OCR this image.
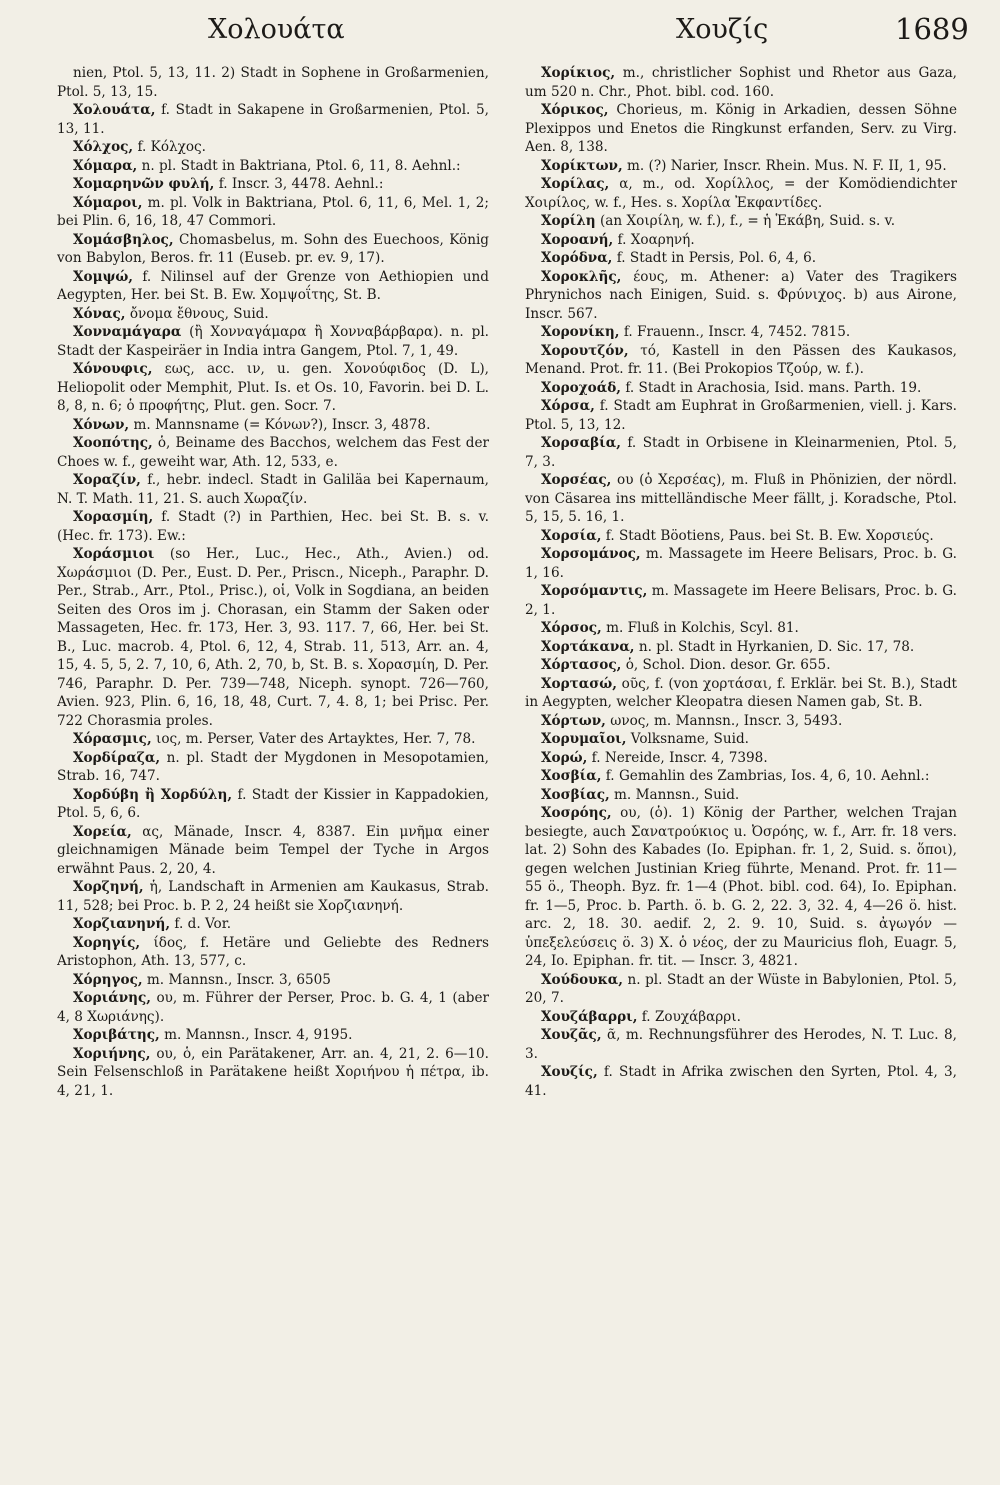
Χολουάτα	Χουζίς	1689

nien, Ptol. 5, 13, 11. 2) Stadt in Sophene in Großarmenien, Ptol. 5, 13, 15.

Χολουάτα, f. Stadt in Sakapene in Großarmenien, Ptol. 5, 13, 11.

Χόλχος, f. Κόλχος.

Χόμαρα, n. pl. Stadt in Baktriana, Ptol. 6, 11, 8. Aehnl.:

Χομαρηνῶν φυλή, f. Inscr. 3, 4478. Aehnl.:

Χόμαροι, m. pl. Volk in Baktriana, Ptol. 6, 11, 6, Mel. 1, 2; bei Plin. 6, 16, 18, 47 Commori.

Χομάσβηλος, Chomasbelus, m. Sohn des Euechoos, König von Babylon, Beros. fr. 11 (Euseb. pr. ev. 9, 17).

Χομψώ, f. Nilinsel auf der Grenze von Aethiopien und Aegypten, Her. bei St. B. Ew. Χομψοΐτης, St. B.

Χόνας, ὄνομα ἔθνους, Suid.

Χονναμάγαρα (ἢ Χονναγάμαρα ἢ Χονναβάρβαρα). n. pl. Stadt der Kaspeiräer in India intra Gangem, Ptol. 7, 1, 49.

Χόνουφις, εως, acc. ιν, u. gen. Χονούφιδος (D. L), Heliopolit oder Memphit, Plut. Is. et Os. 10, Favorin. bei D. L. 8, 8, n. 6; ὁ προφήτης, Plut. gen. Socr. 7.

Χόνων, m. Mannsname (= Κόνων?), Inscr. 3, 4878.

Χοοπότης, ὁ, Beiname des Bacchos, welchem das Fest der Choes w. f., geweiht war, Ath. 12, 533, e.

Χοραζίν, f., hebr. indecl. Stadt in Galiläa bei Kapernaum, N. T. Math. 11, 21. S. auch Χωραζίν.

Χορασμίη, f. Stadt (?) in Parthien, Hec. bei St. B. s. v. (Hec. fr. 173). Ew.:

Χοράσμιοι (so Her., Luc., Hec., Ath., Avien.) od. Χωράσμιοι (D. Per., Eust. D. Per., Priscn., Niceph., Paraphr. D. Per., Strab., Arr., Ptol., Prisc.), οἱ, Volk in Sogdiana, an beiden Seiten des Oros im j. Chorasan, ein Stamm der Saken oder Massageten, Hec. fr. 173, Her. 3, 93. 117. 7, 66, Her. bei St. B., Luc. macrob. 4, Ptol. 6, 12, 4, Strab. 11, 513, Arr. an. 4, 15, 4. 5, 5, 2. 7, 10, 6, Ath. 2, 70, b, St. B. s. Χορασμίη, D. Per. 746, Paraphr. D. Per. 739—748, Niceph. synopt. 726—760, Avien. 923, Plin. 6, 16, 18, 48, Curt. 7, 4. 8, 1; bei Prisc. Per. 722 Chorasmia proles.

Χόρασμις, ιος, m. Perser, Vater des Artayktes, Her. 7, 78.

Χορδίραζα, n. pl. Stadt der Mygdonen in Mesopotamien, Strab. 16, 747.

Χορδύβη ἢ Χορδύλη, f. Stadt der Kissier in Kappadokien, Ptol. 5, 6, 6.

Χορεία, ας, Mänade, Inscr. 4, 8387. Ein μνῆμα einer gleichnamigen Mänade beim Tempel der Tyche in Argos erwähnt Paus. 2, 20, 4.

Χορζηνή, ἡ, Landschaft in Armenien am Kaukasus, Strab. 11, 528; bei Proc. b. P. 2, 24 heißt sie Χορζιανηνή.

Χορζιανηνή, f. d. Vor.

Χορηγίς, ίδος, f. Hetäre und Geliebte des Redners Aristophon, Ath. 13, 577, c.

Χόρηγος, m. Mannsn., Inscr. 3, 6505

Χοριάνης, ου, m. Führer der Perser, Proc. b. G. 4, 1 (aber 4, 8 Χωριάνης).

Χοριβάτης, m. Mannsn., Inscr. 4, 9195.

Χοριήνης, ου, ὁ, ein Parätakener, Arr. an. 4, 21, 2. 6—10. Sein Felsenschloß in Parätakene heißt Χοριήνου ἡ πέτρα, ib. 4, 21, 1.

Χορίκιος, m., christlicher Sophist und Rhetor aus Gaza, um 520 n. Chr., Phot. bibl. cod. 160.

Χόρικος, Chorieus, m. König in Arkadien, dessen Söhne Plexippos und Enetos die Ringkunst erfanden, Serv. zu Virg. Aen. 8, 138.

Χορίκτων, m. (?) Narier, Inscr. Rhein. Mus. N. F. II, 1, 95.

Χορίλας, α, m., od. Χορίλλος, = der Komödiendichter Χοιρίλος, w. f., Hes. s. Χορίλα Ἐκφαντίδες.

Χορίλη (an Χοιρίλη, w. f.), f., = ἡ Ἑκάβη, Suid. s. v.

Χοροανή, f. Χοαρηνή.

Χορόδνα, f. Stadt in Persis, Pol. 6, 4, 6.

Χοροκλῆς, έους, m. Athener: a) Vater des Tragikers Phrynichos nach Einigen, Suid. s. Φρύνιχος. b) aus Airone, Inscr. 567.

Χορονίκη, f. Frauenn., Inscr. 4, 7452. 7815.

Χορουτζόν, τό, Kastell in den Pässen des Kaukasos, Menand. Prot. fr. 11. (Bei Prokopios Τζούρ, w. f.).

Χοροχοάδ, f. Stadt in Arachosia, Isid. mans. Parth. 19.

Χόρσα, f. Stadt am Euphrat in Großarmenien, viell. j. Kars. Ptol. 5, 13, 12.

Χορσαβία, f. Stadt in Orbisene in Kleinarmenien, Ptol. 5, 7, 3.

Χορσέας, ου (ὁ Χερσέας), m. Fluß in Phönizien, der nördl. von Cäsarea ins mittelländische Meer fällt, j. Koradsche, Ptol. 5, 15, 5. 16, 1.

Χορσία, f. Stadt Böotiens, Paus. bei St. B. Ew. Χορσιεύς.

Χορσομάνος, m. Massagete im Heere Belisars, Proc. b. G. 1, 16.

Χορσόμαντις, m. Massagete im Heere Belisars, Proc. b. G. 2, 1.

Χόρσος, m. Fluß in Kolchis, Scyl. 81.

Χορτάκανα, n. pl. Stadt in Hyrkanien, D. Sic. 17, 78.

Χόρτασος, ὁ, Schol. Dion. desor. Gr. 655.

Χορτασώ, οῦς, f. (von χορτάσαι, f. Erklär. bei St. B.), Stadt in Aegypten, welcher Kleopatra diesen Namen gab, St. B.

Χόρτων, ωνος, m. Mannsn., Inscr. 3, 5493.

Χορυμαῖοι, Volksname, Suid.

Χορώ, f. Nereide, Inscr. 4, 7398.

Χοσβία, f. Gemahlin des Zambrias, Ios. 4, 6, 10. Aehnl.:

Χοσβίας, m. Mannsn., Suid.

Χοσρόης, ου, (ὁ). 1) König der Parther, welchen Trajan besiegte, auch Σανατρούκιος u. Ὀσρόης, w. f., Arr. fr. 18 vers. lat. 2) Sohn des Kabades (Io. Epiphan. fr. 1, 2, Suid. s. ὅποι), gegen welchen Justinian Krieg führte, Menand. Prot. fr. 11—55 ö., Theoph. Byz. fr. 1—4 (Phot. bibl. cod. 64), Io. Epiphan. fr. 1—5, Proc. b. Parth. ö. b. G. 2, 22. 3, 32. 4, 4—26 ö. hist. arc. 2, 18. 30. aedif. 2, 2. 9. 10, Suid. s. ἀγωγόν — ὑπεξελεύσεις ö. 3) Χ. ὁ νέος, der zu Mauricius floh, Euagr. 5, 24, Io. Epiphan. fr. tit. — Inscr. 3, 4821.

Χούδουκα, n. pl. Stadt an der Wüste in Babylonien, Ptol. 5, 20, 7.

Χουζάβαρρι, f. Ζουχάβαρρι.

Χουζᾶς, ᾶ, m. Rechnungsführer des Herodes, N. T. Luc. 8, 3.

Χουζίς, f. Stadt in Afrika zwischen den Syrten, Ptol. 4, 3, 41.
